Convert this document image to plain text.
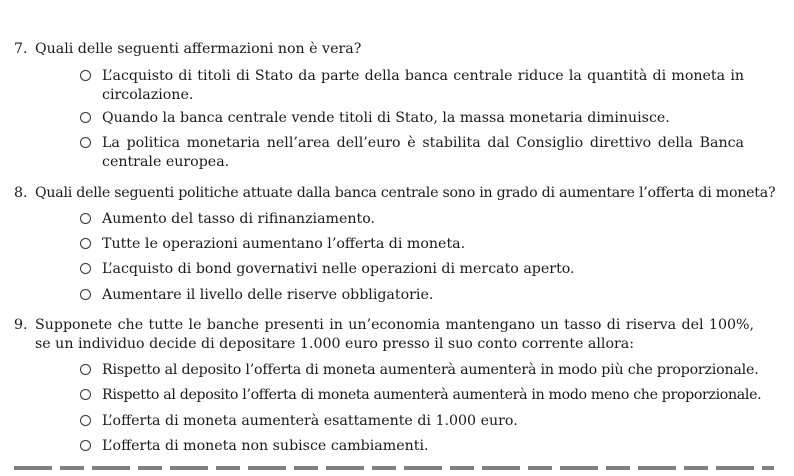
7. Quali delle seguenti affermazioni non è vera?
L’acquisto di titoli di Stato da parte della banca centrale riduce la quantità di moneta in circolazione.
Quando la banca centrale vende titoli di Stato, la massa monetaria diminuisce.
La politica monetaria nell’area dell’euro è stabilita dal Consiglio direttivo della Banca centrale europea.
8. Quali delle seguenti politiche attuate dalla banca centrale sono in grado di aumentare l’offerta di moneta?
Aumento del tasso di rifinanziamento.
Tutte le operazioni aumentano l’offerta di moneta.
L’acquisto di bond governativi nelle operazioni di mercato aperto.
Aumentare il livello delle riserve obbligatorie.
9. Supponete che tutte le banche presenti in un’economia mantengano un tasso di riserva del 100%, se un individuo decide di depositare 1.000 euro presso il suo conto corrente allora:
Rispetto al deposito l’offerta di moneta aumenterà aumenterà in modo più che proporzionale.
Rispetto al deposito l’offerta di moneta aumenterà aumenterà in modo meno che proporzionale.
L’offerta di moneta aumenterà esattamente di 1.000 euro.
L’offerta di moneta non subisce cambiamenti.
